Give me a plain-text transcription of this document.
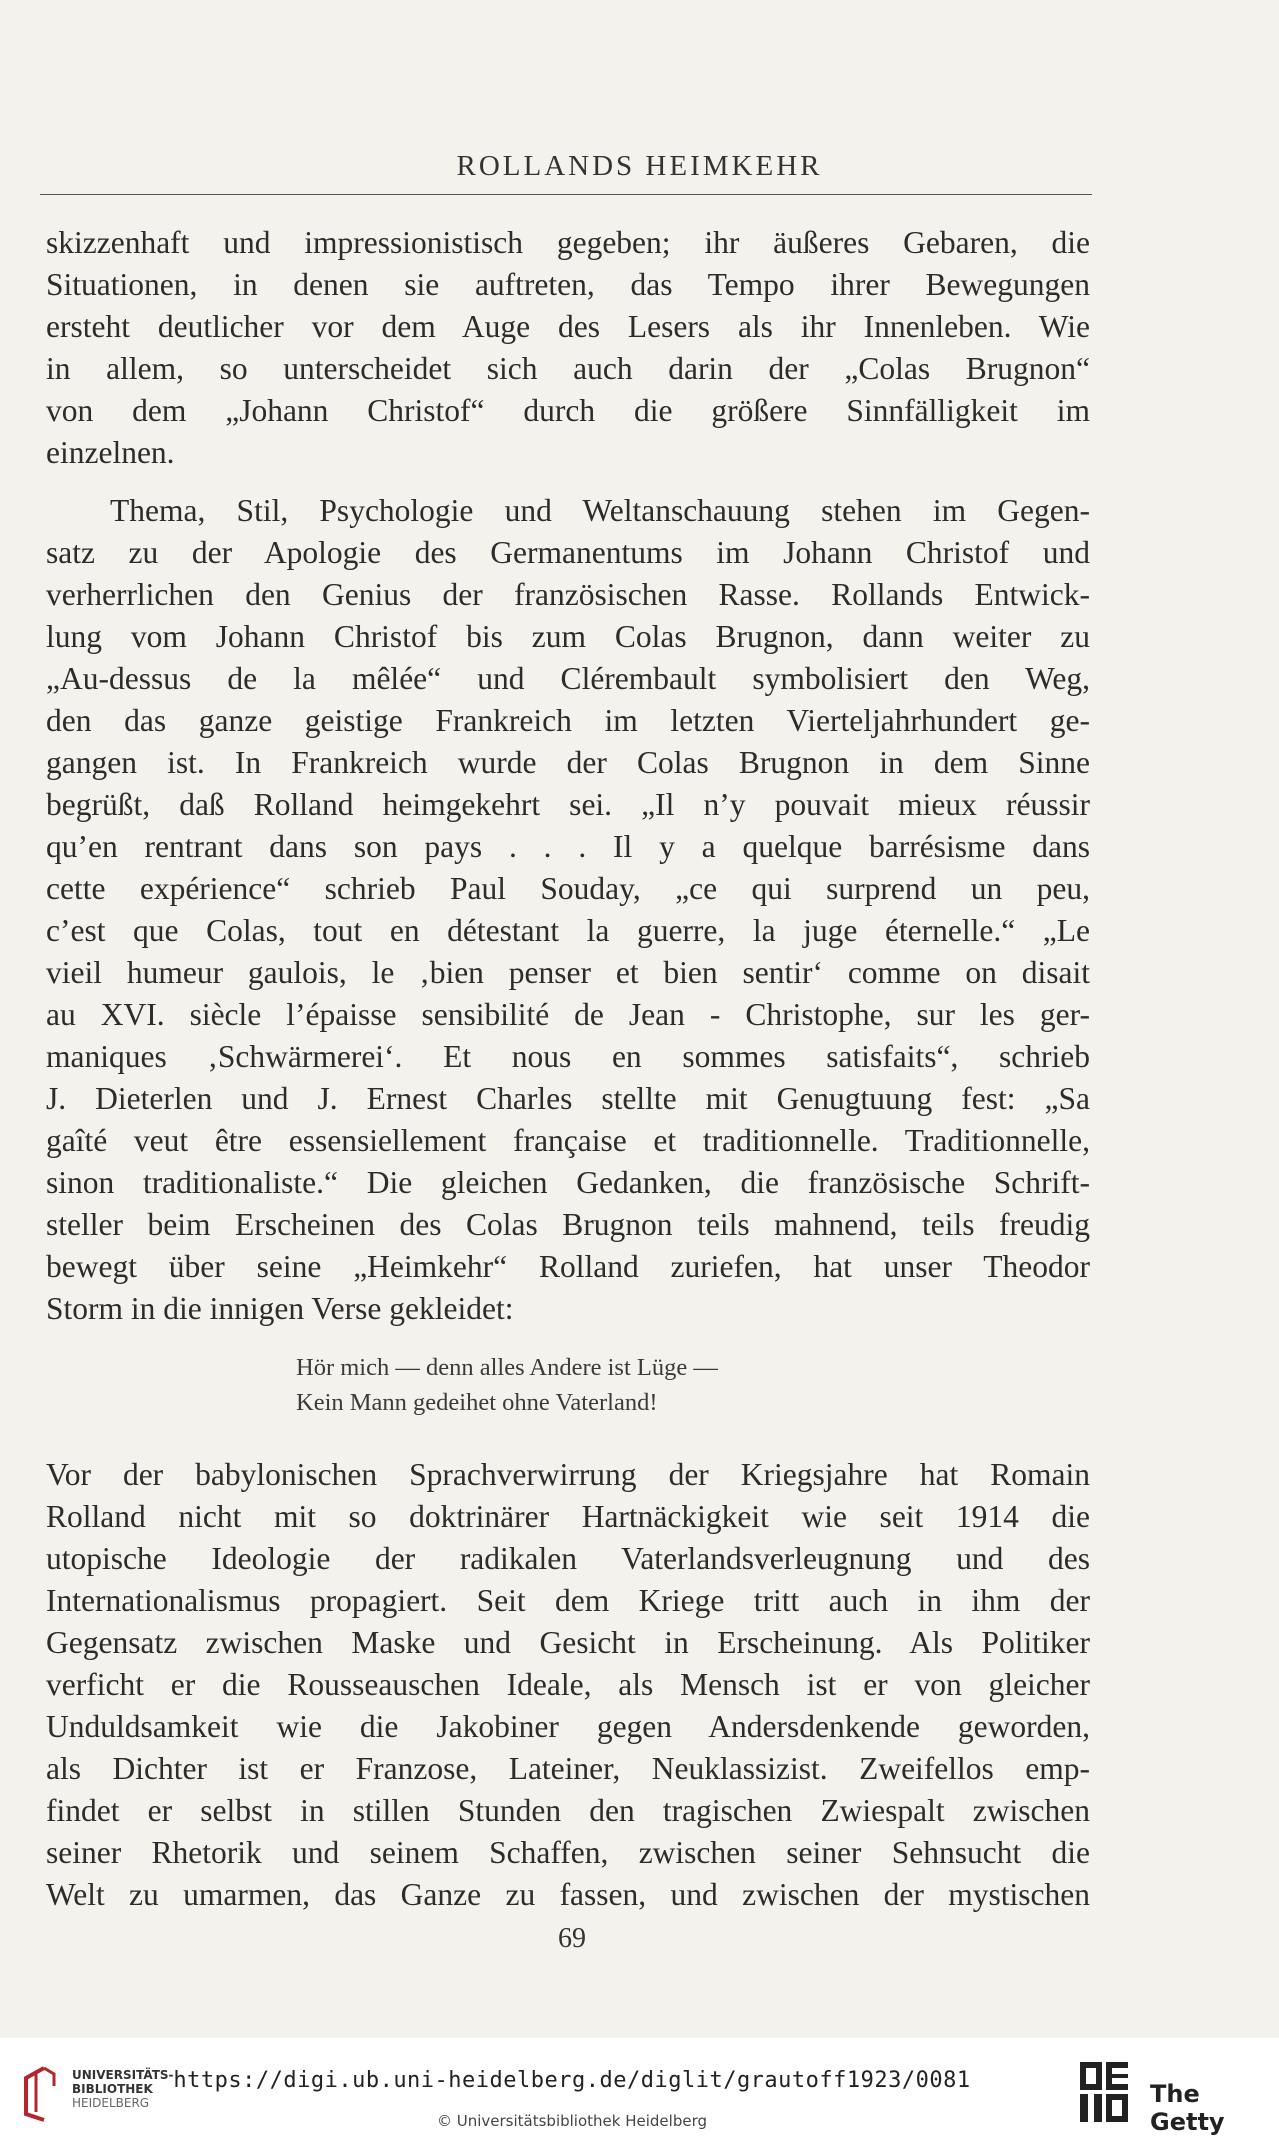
ROLLANDS HEIMKEHR

skizzenhaft und impressionistisch gegeben; ihr äußeres Gebaren, die
Situationen, in denen sie auftreten, das Tempo ihrer Bewegungen
ersteht deutlicher vor dem Auge des Lesers als ihr Innenleben. Wie
in allem, so unterscheidet sich auch darin der „Colas Brugnon“
von dem „Johann Christof“ durch die größere Sinnfälligkeit im
einzelnen.

Thema, Stil, Psychologie und Weltanschauung stehen im Gegen-
satz zu der Apologie des Germanentums im Johann Christof und
verherrlichen den Genius der französischen Rasse. Rollands Entwick-
lung vom Johann Christof bis zum Colas Brugnon, dann weiter zu
„Au-dessus de la mêlée“ und Clérembault symbolisiert den Weg,
den das ganze geistige Frankreich im letzten Vierteljahrhundert ge-
gangen ist. In Frankreich wurde der Colas Brugnon in dem Sinne
begrüßt, daß Rolland heimgekehrt sei. „Il n’y pouvait mieux réussir
qu’en rentrant dans son pays . . . Il y a quelque barrésisme dans
cette expérience“ schrieb Paul Souday, „ce qui surprend un peu,
c’est que Colas, tout en détestant la guerre, la juge éternelle.“ „Le
vieil humeur gaulois, le ‚bien penser et bien sentir‘ comme on disait
au XVI. siècle l’épaisse sensibilité de Jean - Christophe, sur les ger-
maniques ‚Schwärmerei‘. Et nous en sommes satisfaits“, schrieb
J. Dieterlen und J. Ernest Charles stellte mit Genugtuung fest: „Sa
gaîté veut être essensiellement française et traditionnelle. Traditionnelle,
sinon traditionaliste.“ Die gleichen Gedanken, die französische Schrift-
steller beim Erscheinen des Colas Brugnon teils mahnend, teils freudig
bewegt über seine „Heimkehr“ Rolland zuriefen, hat unser Theodor
Storm in die innigen Verse gekleidet:

Hör mich — denn alles Andere ist Lüge —
Kein Mann gedeihet ohne Vaterland!

Vor der babylonischen Sprachverwirrung der Kriegsjahre hat Romain
Rolland nicht mit so doktrinärer Hartnäckigkeit wie seit 1914 die
utopische Ideologie der radikalen Vaterlandsverleugnung und des
Internationalismus propagiert. Seit dem Kriege tritt auch in ihm der
Gegensatz zwischen Maske und Gesicht in Erscheinung. Als Politiker
verficht er die Rousseauschen Ideale, als Mensch ist er von gleicher
Unduldsamkeit wie die Jakobiner gegen Andersdenkende geworden,
als Dichter ist er Franzose, Lateiner, Neuklassizist. Zweifellos emp-
findet er selbst in stillen Stunden den tragischen Zwiespalt zwischen
seiner Rhetorik und seinem Schaffen, zwischen seiner Sehnsucht die
Welt zu umarmen, das Ganze zu fassen, und zwischen der mystischen

69
UNIVERSITÄTS-
BIBLIOTHEK
HEIDELBERG
https://digi.ub.uni-heidelberg.de/diglit/grautoff1923/0081
© Universitätsbibliothek Heidelberg
The Getty
